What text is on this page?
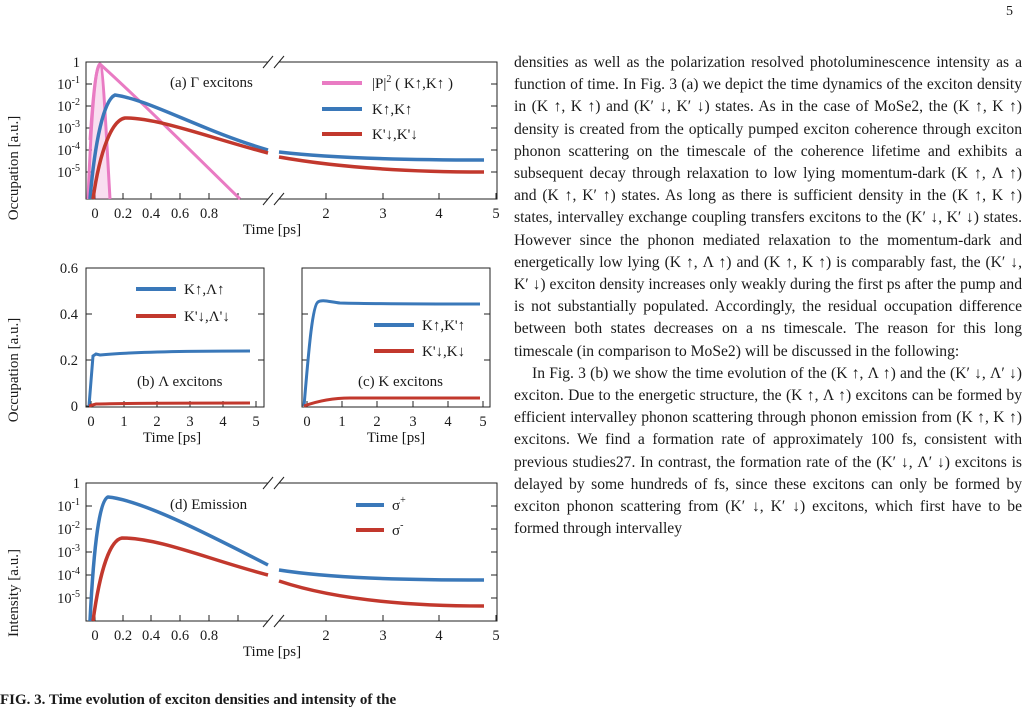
5
Occupation [a.u.]
1
$10^{-1}$
$10^{-2}$
$10^{-3}$
$10^{-4}$
$10^{-5}$
0 0.2 0.4 0.6 0.8	2	3	4	5
Time [ps]
(a) Γ excitons	$|P|^2$ ( K↑,K↑ )
K↑,K↑
K'↓,K'↓
Occupation [a.u.]	0
0.2
0.4
0.6
0 1 2 3 4 5
Time [ps]
(b) Λ excitons
K↑,Λ↑
K'↓,Λ'↓
0 1 2 3 4 5
Time [ps]
(c) K excitons
K↑,K'↑
K'↓,K↓
Intensity [a.u.]
1
$10^{-1}$
$10^{-2}$
$10^{-3}$
$10^{-4}$
$10^{-5}$
0 0.2 0.4 0.6 0.8	2	3	4	5
Time [ps]
(d) Emission	σ+
σ-
FIG. 3. Time evolution of exciton densities and intensity of the

densities as well as the polarization resolved photoluminescence intensity as a function of time. In Fig. 3 (a) we depict the time dynamics of the exciton density in (K ↑, K ↑) and (K′ ↓, K′ ↓) states. As in the case of MoSe2, the (K ↑, K ↑) density is created from the optically pumped exciton coherence through exciton phonon scattering on the timescale of the coherence lifetime and exhibits a subsequent decay through relaxation to low lying momentum-dark (K ↑, Λ ↑) and (K ↑, K′ ↑) states. As long as there is sufficient density in the (K ↑, K ↑) states, intervalley exchange coupling transfers excitons to the (K′ ↓, K′ ↓) states. However since the phonon mediated relaxation to the momentum-dark and energetically low lying (K ↑, Λ ↑) and (K ↑, K ↑) is comparably fast, the (K′ ↓, K′ ↓) exciton density increases only weakly during the first ps after the pump and is not substantially populated. Accordingly, the residual occupation difference between both states decreases on a ns timescale. The reason for this long timescale (in comparison to MoSe2) will be discussed in the following:

In Fig. 3 (b) we show the time evolution of the (K ↑, Λ ↑) and the (K′ ↓, Λ′ ↓) exciton. Due to the energetic structure, the (K ↑, Λ ↑) excitons can be formed by efficient intervalley phonon scattering through phonon emission from (K ↑, K ↑) excitons. We find a formation rate of approximately 100 fs, consistent with previous studies27. In contrast, the formation rate of the (K′ ↓, Λ′ ↓) excitons is delayed by some hundreds of fs, since these excitons can only be formed by exciton phonon scattering from (K′ ↓, K′ ↓) excitons, which first have to be formed through intervalley
